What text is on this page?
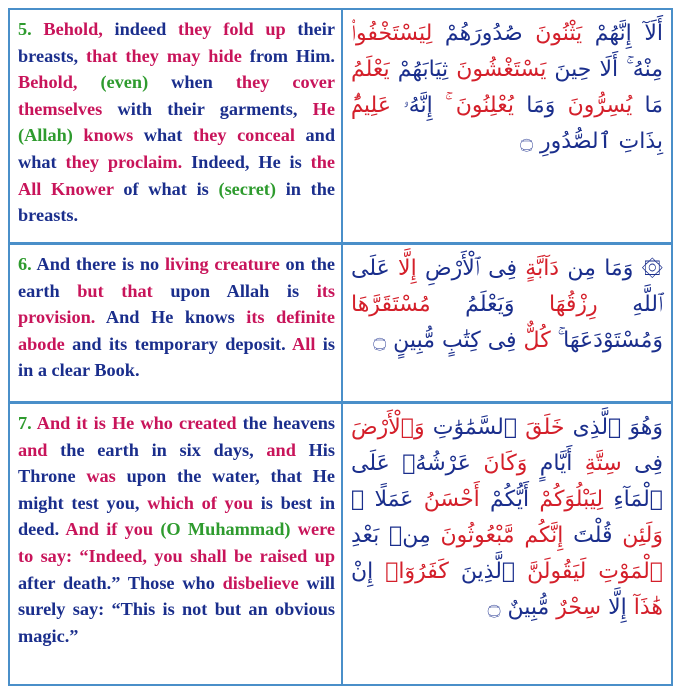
5. Behold, indeed they fold up their breasts, that they may hide from Him. Behold, (even) when they cover themselves with their garments, He (Allah) knows what they conceal and what they proclaim. Indeed, He is the All Knower of what is (secret) in the breasts.
أَلَآ إِنَّهُمْ يَثْنُونَ صُدُورَهُمْ لِيَسْتَخْفُوا۟ مِنْهُ ۚ أَلَا حِينَ يَسْتَغْشُونَ ثِيَابَهُمْ يَعْلَمُ مَا يُسِرُّونَ وَمَا يُعْلِنُونَ ۚ إِنَّهُۥ عَلِيمٌۢ بِذَاتِ ٱلصُّدُورِ ۝
6. And there is no living creature on the earth but that upon Allah is its provision. And He knows its definite abode and its temporary deposit. All is in a clear Book.
۞ وَمَا مِن دَآبَّةٍ فِى ٱلْأَرْضِ إِلَّا عَلَى ٱللَّهِ رِزْقُهَا وَيَعْلَمُ مُسْتَقَرَّهَا وَمُسْتَوْدَعَهَا ۚ كُلٌّ فِى كِتَٰبٍ مُّبِينٍ ۝
7. And it is He who created the heavens and the earth in six days, and His Throne was upon the water, that He might test you, which of you is best in deed. And if you (O Muhammad) were to say: “Indeed, you shall be raised up after death.” Those who disbelieve will surely say: “This is not but an obvious magic.”
وَهُوَ ٱلَّذِى خَلَقَ ٱلسَّمَٰوَٰتِ وَٱلْأَرْضَ فِى سِتَّةِ أَيَّامٍ وَكَانَ عَرْشُهُۥ عَلَى ٱلْمَآءِ لِيَبْلُوَكُمْ أَيُّكُمْ أَحْسَنُ عَمَلًا ۗ وَلَئِن قُلْتَ إِنَّكُم مَّبْعُوثُونَ مِنۢ بَعْدِ ٱلْمَوْتِ لَيَقُولَنَّ ٱلَّذِينَ كَفَرُوٓا۟ إِنْ هَٰذَآ إِلَّا سِحْرٌ مُّبِينٌ ۝
